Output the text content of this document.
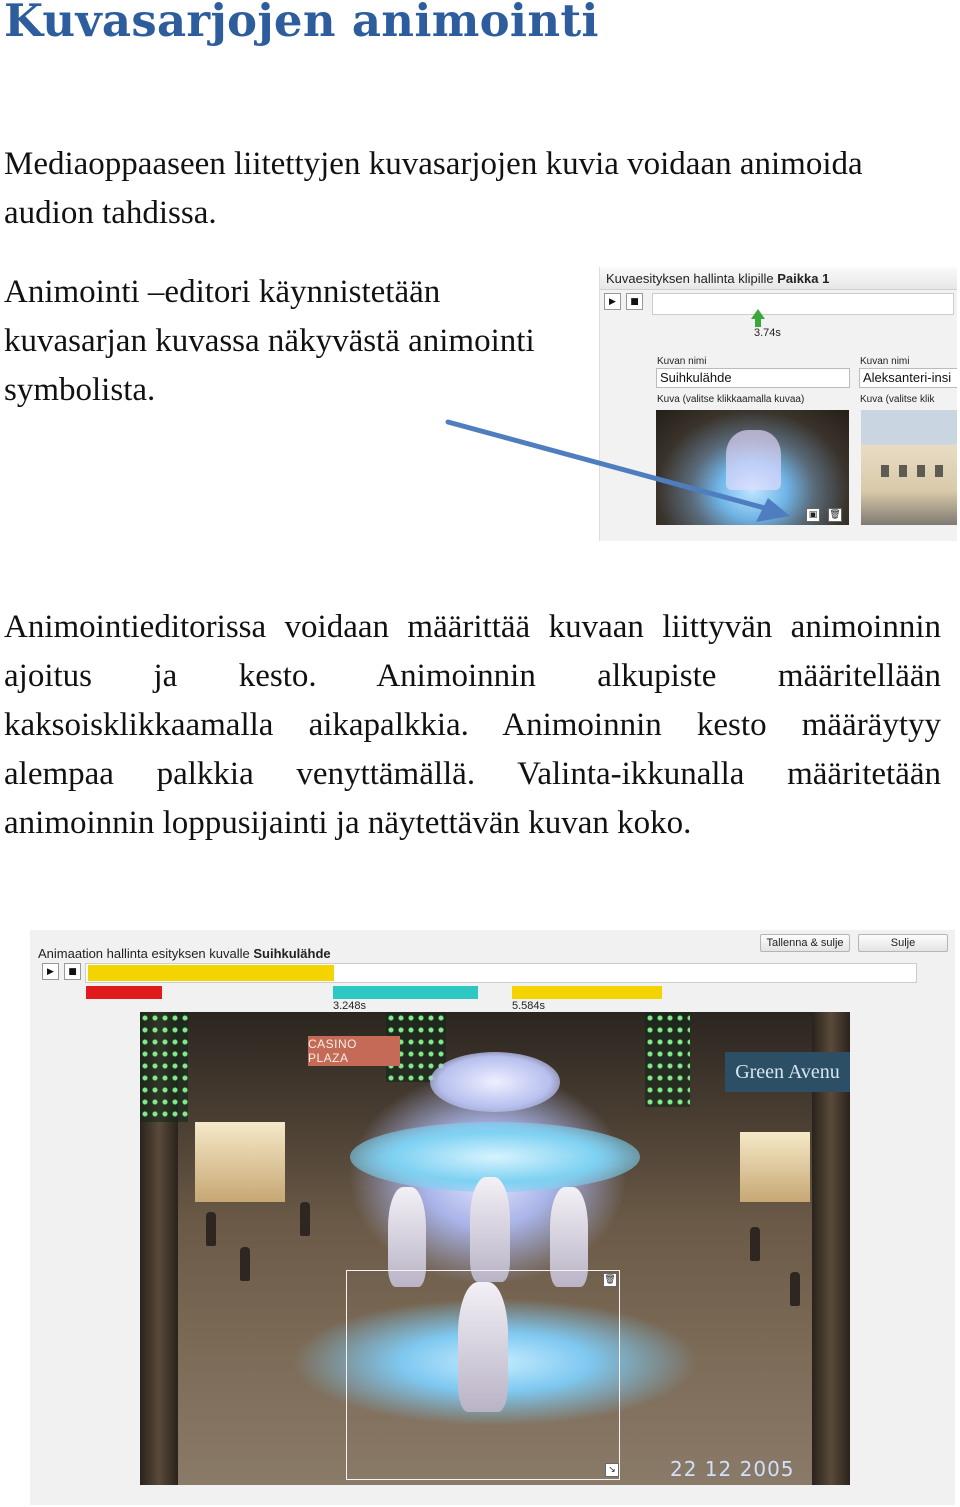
Kuvasarjojen animointi
Mediaoppaaseen liitettyjen kuvasarjojen kuvia voidaan animoida audion tahdissa.
Animointi –editori käynnistetään kuvasarjan kuvassa näkyvästä animointi symbolista.
Kuvaesityksen hallinta klipille Paikka 1
▶ ■
3.74s
Kuvan nimi
Suihkulähde
Kuva (valitse klikkaamalla kuvaa)
▣	🗑
Kuvan nimi
Aleksanteri-insi
Kuva (valitse klik
Animointieditorissa voidaan määrittää kuvaan liittyvän animoinnin ajoitus ja kesto. Animoinnin alkupiste määritellään kaksoisklikkaamalla aikapalkkia. Animoinnin kesto määräytyy alempaa palkkia venyttämällä. Valinta-ikkunalla määritetään animoinnin loppusijainti ja näytettävän kuvan koko.
Animaation hallinta esityksen kuvalle Suihkulähde
Tallenna & sulje	Sulje
▶ ■
3.248s	5.584s
CASINO PLAZA
Green Avenu
🗑
↘	22 12 2005
